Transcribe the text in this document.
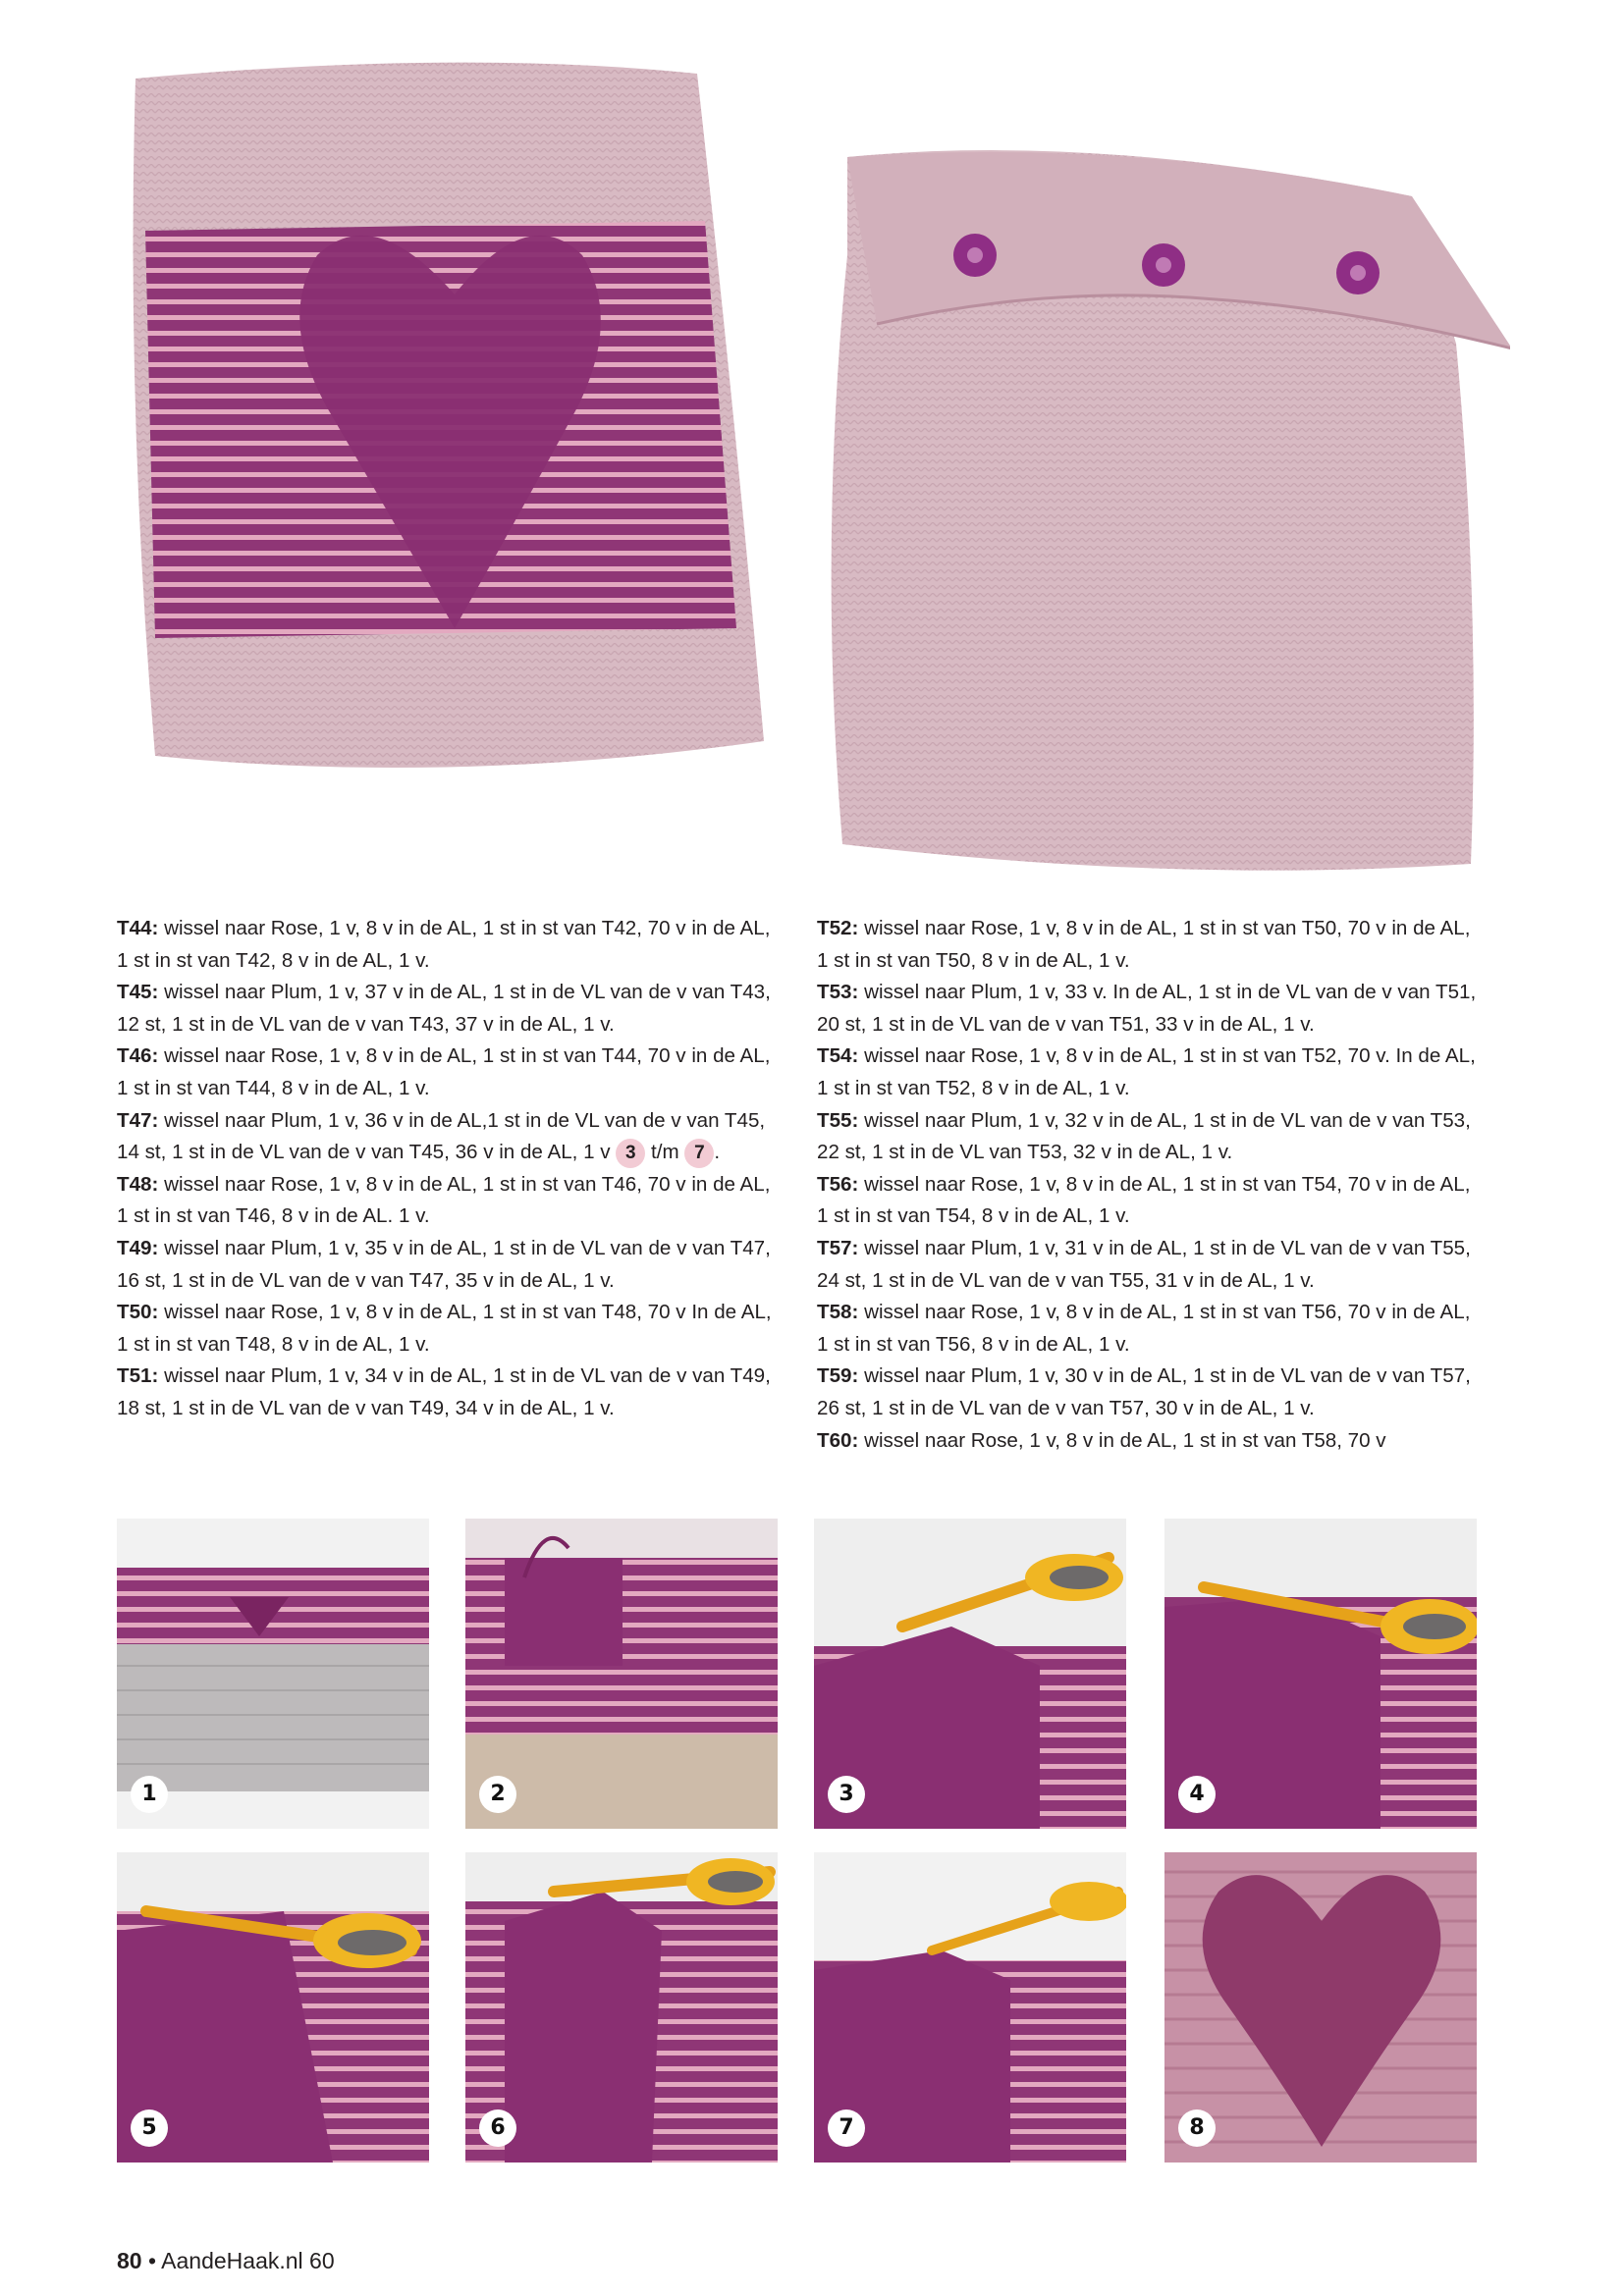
T44: wissel naar Rose, 1 v, 8 v in de AL, 1 st in st van T42, 70 v in de AL, 1 st in st van T42, 8 v in de AL, 1 v.

T45: wissel naar Plum, 1 v, 37 v in de AL, 1 st in de VL van de v van T43, 12 st, 1 st in de VL van de v van T43, 37 v in de AL, 1 v.

T46: wissel naar Rose, 1 v, 8 v in de AL, 1 st in st van T44, 70 v in de AL, 1 st in st van T44, 8 v in de AL, 1 v.

T47: wissel naar Plum, 1 v, 36 v in de AL,1 st in de VL van de v van T45, 14 st, 1 st in de VL van de v van T45, 36 v in de AL, 1 v 3 t/m 7 .

T48: wissel naar Rose, 1 v, 8 v in de AL, 1 st in st van T46, 70 v in de AL, 1 st in st van T46, 8 v in de AL. 1 v.

T49: wissel naar Plum, 1 v, 35 v in de AL, 1 st in de VL van de v van T47, 16 st, 1 st in de VL van de v van T47, 35 v in de AL, 1 v.

T50: wissel naar Rose, 1 v, 8 v in de AL, 1 st in st van T48, 70 v In de AL, 1 st in st van T48, 8 v in de AL, 1 v.

T51: wissel naar Plum, 1 v, 34 v in de AL, 1 st in de VL van de v van T49, 18 st, 1 st in de VL van de v van T49, 34 v in de AL, 1 v.

T52: wissel naar Rose, 1 v, 8 v in de AL, 1 st in st van T50, 70 v in de AL, 1 st in st van T50, 8 v in de AL, 1 v.

T53: wissel naar Plum, 1 v, 33 v. In de AL, 1 st in de VL van de v van T51, 20 st, 1 st in de VL van de v van T51, 33 v in de AL, 1 v.

T54: wissel naar Rose, 1 v, 8 v in de AL, 1 st in st van T52, 70 v. In de AL, 1 st in st van T52, 8 v in de AL, 1 v.

T55: wissel naar Plum, 1 v, 32 v in de AL, 1 st in de VL van de v van T53, 22 st, 1 st in de VL van T53, 32 v in de AL, 1 v.

T56: wissel naar Rose, 1 v, 8 v in de AL, 1 st in st van T54, 70 v in de AL, 1 st in st van T54, 8 v in de AL, 1 v.

T57: wissel naar Plum, 1 v, 31 v in de AL, 1 st in de VL van de v van T55, 24 st, 1 st in de VL van de v van T55, 31 v in de AL, 1 v.

T58: wissel naar Rose, 1 v, 8 v in de AL, 1 st in st van T56, 70 v in de AL, 1 st in st van T56, 8 v in de AL, 1 v.

T59: wissel naar Plum, 1 v, 30 v in de AL, 1 st in de VL van de v van T57, 26 st, 1 st in de VL van de v van T57, 30 v in de AL, 1 v.

T60: wissel naar Rose, 1 v, 8 v in de AL, 1 st in st van T58, 70 v

1	2	3	4
5	6	7	8
80 • AandeHaak.nl 60
